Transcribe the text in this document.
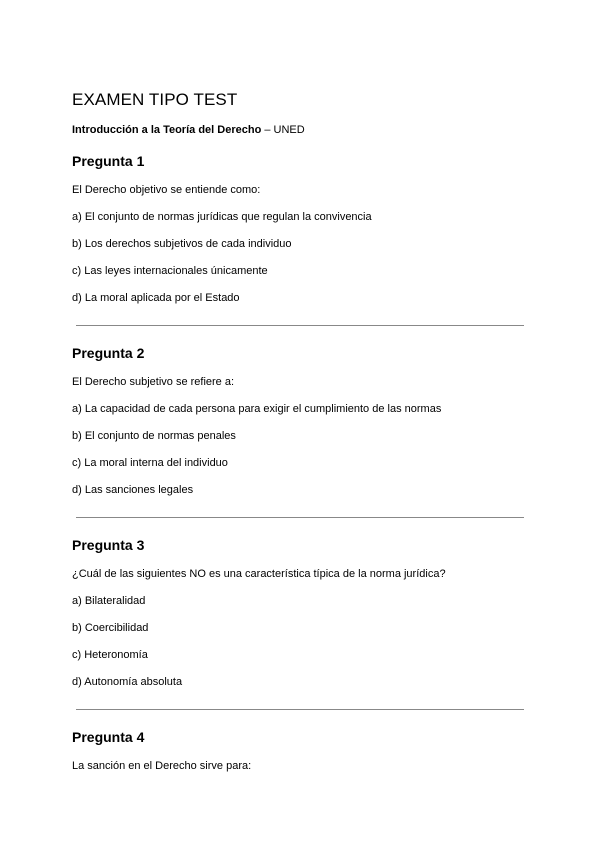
EXAMEN TIPO TEST
Introducción a la Teoría del Derecho – UNED
Pregunta 1
El Derecho objetivo se entiende como:
a) El conjunto de normas jurídicas que regulan la convivencia
b) Los derechos subjetivos de cada individuo
c) Las leyes internacionales únicamente
d) La moral aplicada por el Estado
Pregunta 2
El Derecho subjetivo se refiere a:
a) La capacidad de cada persona para exigir el cumplimiento de las normas
b) El conjunto de normas penales
c) La moral interna del individuo
d) Las sanciones legales
Pregunta 3
¿Cuál de las siguientes NO es una característica típica de la norma jurídica?
a) Bilateralidad
b) Coercibilidad
c) Heteronomía
d) Autonomía absoluta
Pregunta 4
La sanción en el Derecho sirve para:
